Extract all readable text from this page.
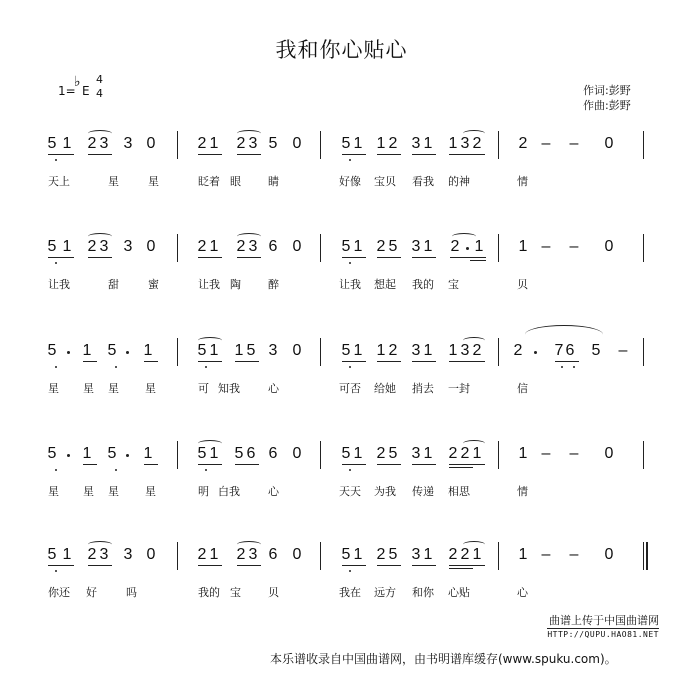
我和你心贴心
1=
♭
E
4
4	作词:彭野
作曲:彭野
5 1 2 3 3 0	2 1 2 3 5 0	5 1 1 2 3 1 1 3 2 2 – – 0
天上	星	星	眨着 眼 睛	好像 宝贝 看我 的神	情
5 1 2 3 3 0	2 1 2 3 6 0	5 1 2 5 3 1 2 1 1 – – 0
让我	甜	蜜	让我 陶 醉	让我 想起 我的 宝	贝
5 1 5 1	5 1 1 5 3 0	5 1 1 2 3 1 1 3 2 2 7 6 5 –
星 星 星 星	可 知我	心	可否 给她 捎去 一封	信
5 1 5 1	5 1 5 6 6 0	5 1 2 5 3 1 2 2 1 1 – – 0
星 星 星 星	明 白我	心	天天 为我 传递 相思	情
5 1 2 3 3 0	2 1 2 3 6 0	5 1 2 5 3 1 2 2 1 1 – – 0
你还 好	吗	我的 宝 贝	我在 远方 和你 心贴	心
曲谱上传于中国曲谱网
HTTP://QUPU.HAO81.NET
本乐谱收录自中国曲谱网，由书明谱库缓存(www.spuku.com)。
